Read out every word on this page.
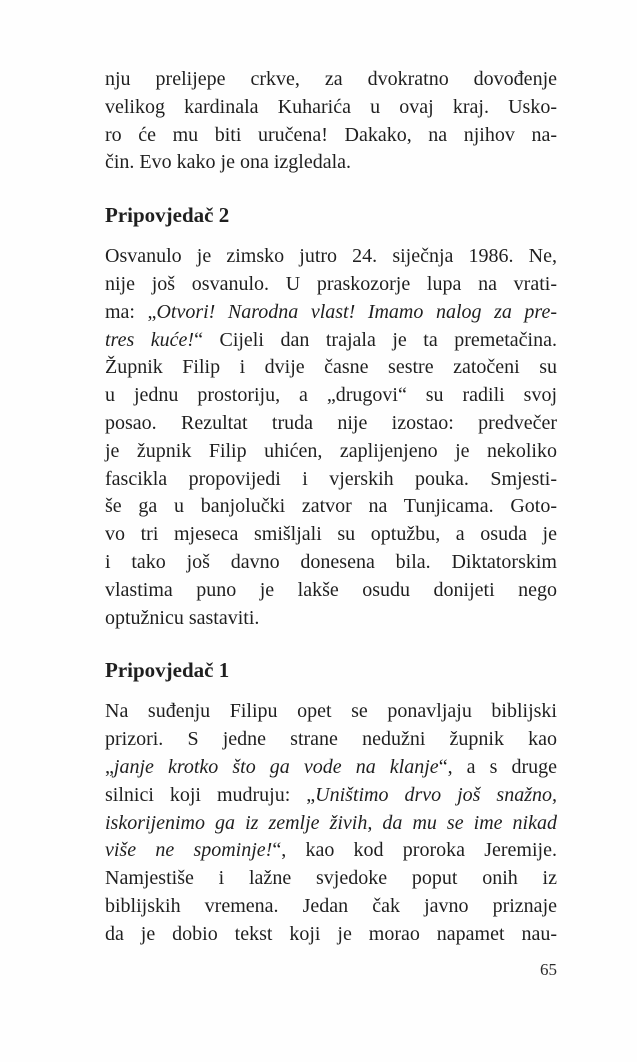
nju prelijepe crkve, za dvokratno dovođenje
velikog kardinala Kuharića u ovaj kraj. Usko-
ro će mu biti uručena! Dakako, na njihov na-
čin. Evo kako je ona izgledala.
Pripovjedač 2
Osvanulo je zimsko jutro 24. siječnja 1986. Ne,
nije još osvanulo. U praskozorje lupa na vrati-
ma: „Otvori! Narodna vlast! Imamo nalog za pre-
tres kuće!“ Cijeli dan trajala je ta premetačina.
Župnik Filip i dvije časne sestre zatočeni su
u jednu prostoriju, a „drugovi“ su radili svoj
posao. Rezultat truda nije izostao: predvečer
je župnik Filip uhićen, zaplijenjeno je nekoliko
fascikla propovijedi i vjerskih pouka. Smjesti-
še ga u banjolučki zatvor na Tunjicama. Goto-
vo tri mjeseca smišljali su optužbu, a osuda je
i tako još davno donesena bila. Diktatorskim
vlastima puno je lakše osudu donijeti nego
optužnicu sastaviti.
Pripovjedač 1
Na suđenju Filipu opet se ponavljaju biblijski
prizori. S jedne strane nedužni župnik kao
„janje krotko što ga vode na klanje“, a s druge
silnici koji mudruju: „Uništimo drvo još snažno,
iskorijenimo ga iz zemlje živih, da mu se ime nikad
više ne spominje!“, kao kod proroka Jeremije.
Namjestiše i lažne svjedoke poput onih iz
biblijskih vremena. Jedan čak javno priznaje
da je dobio tekst koji je morao napamet nau-
65
